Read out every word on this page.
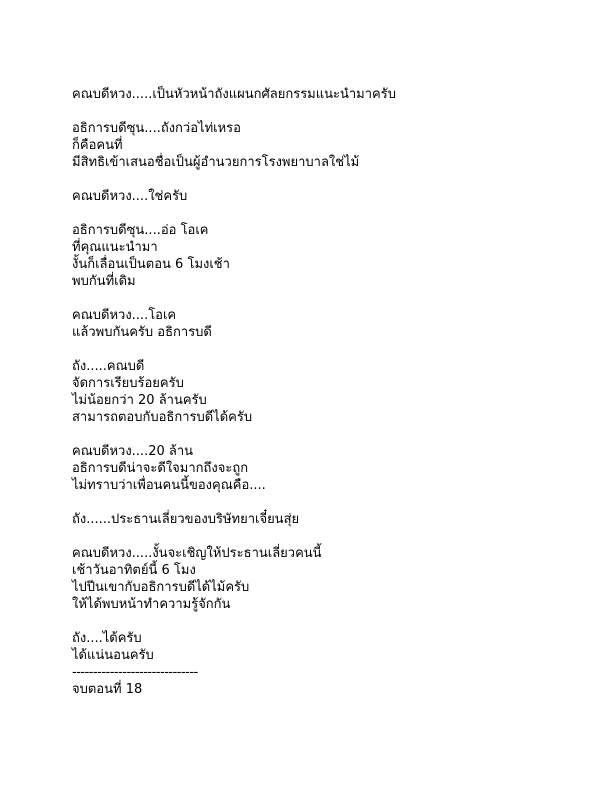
คณบดีหวง.....เป็นหัวหน้าถังแผนกศัลยกรรมแนะนำมาครับ
อธิการบดีซุน....ถังกว่อไท่เหรอ
ก็คือคนที่
มีสิทธิเข้าเสนอชื่อเป็นผู้อำนวยการโรงพยาบาลใช่ไม้
คณบดีหวง....ใช่ครับ
อธิการบดีซุน....อ่อ โอเค
ที่คุณแนะนำมา
งั้นก็เลื่อนเป็นตอน 6 โมงเช้า
พบกันที่เดิม
คณบดีหวง....โอเค
แล้วพบกันครับ อธิการบดี
ถัง.....คณบดี
จัดการเรียบร้อยครับ
ไม่น้อยกว่า 20 ล้านครับ
สามารถตอบกับอธิการบดีได้ครับ
คณบดีหวง....20 ล้าน
อธิการบดีน่าจะดีใจมากถึงจะถูก
ไม่ทราบว่าเพื่อนคนนี้ของคุณคือ....
ถัง......ประธานเลี่ยวของบริษัทยาเจี๋ยนสุ่ย
คณบดีหวง.....งั้นจะเชิญให้ประธานเลี่ยวคนนี้
เช้าวันอาทิตย์นี้ 6 โมง
ไปปีนเขากับอธิการบดีได้ไม้ครับ
ให้ได้พบหน้าทำความรู้จักกัน
ถัง....ได้ครับ
ได้แน่นอนครับ
------------------------------
จบตอนที่ 18
